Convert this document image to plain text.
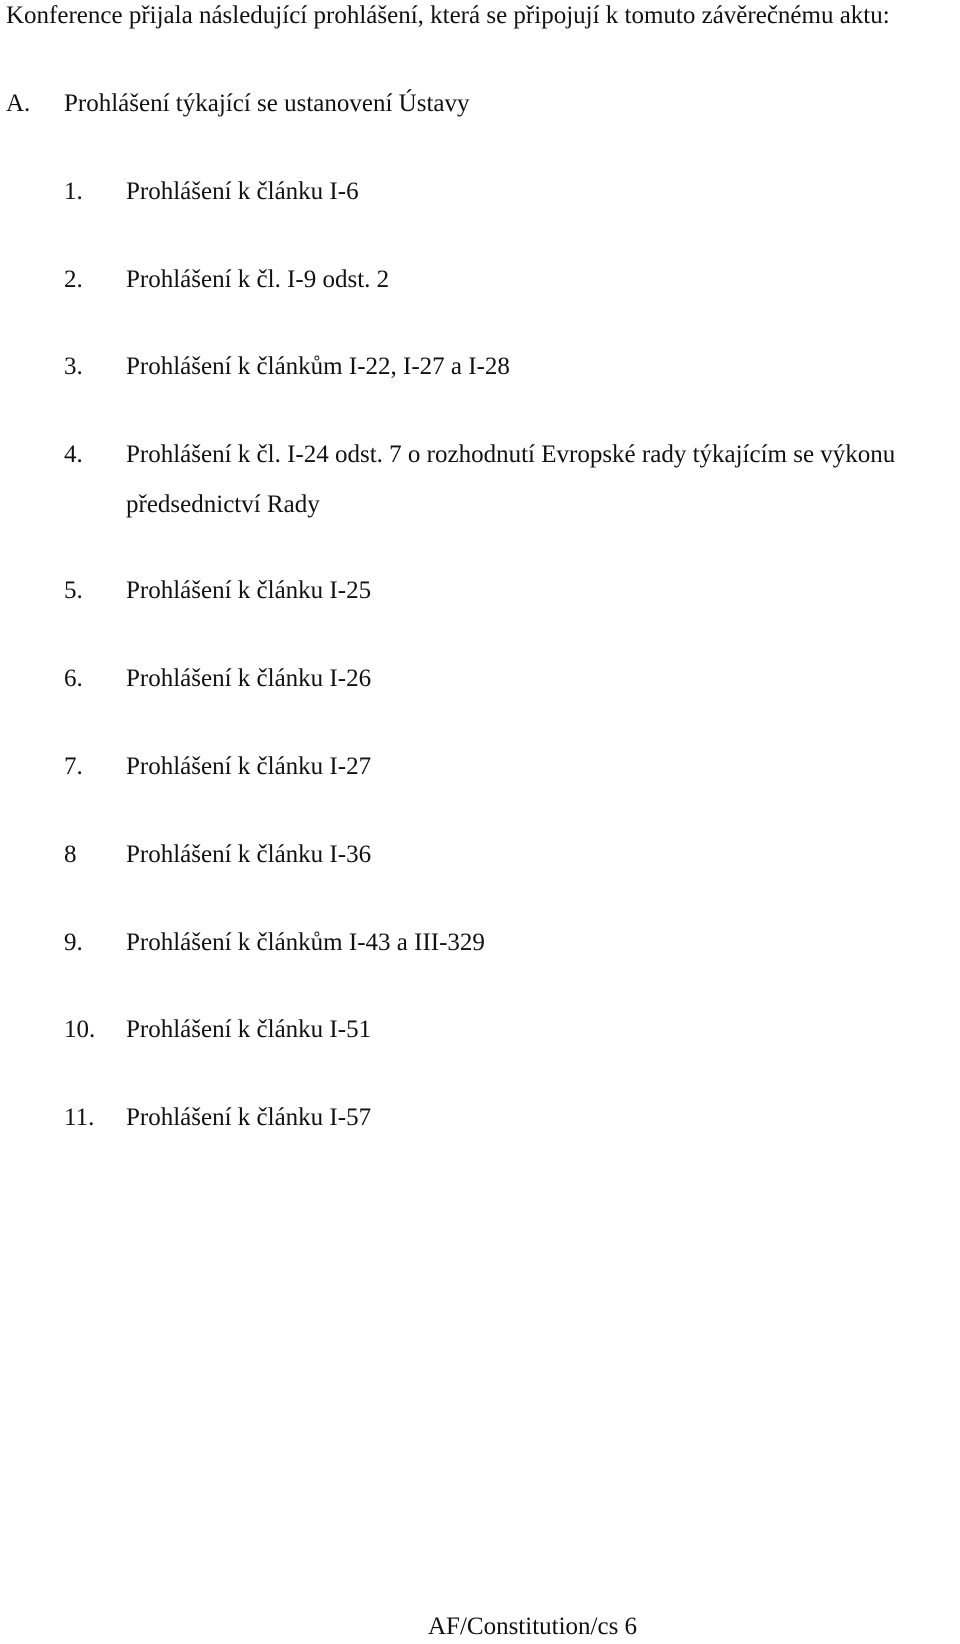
Konference přijala následující prohlášení, která se připojují k tomuto závěrečnému aktu:
A. Prohlášení týkající se ustanovení Ústavy
1. Prohlášení k článku I-6
2. Prohlášení k čl. I-9 odst. 2
3. Prohlášení k článkům I-22, I-27 a I-28
4. Prohlášení k čl. I-24 odst. 7 o rozhodnutí Evropské rady týkajícím se výkonu předsednictví Rady
5. Prohlášení k článku I-25
6. Prohlášení k článku I-26
7. Prohlášení k článku I-27
8 Prohlášení k článku I-36
9. Prohlášení k článkům I-43 a III-329
10. Prohlášení k článku I-51
11. Prohlášení k článku I-57
AF/Constitution/cs 6
